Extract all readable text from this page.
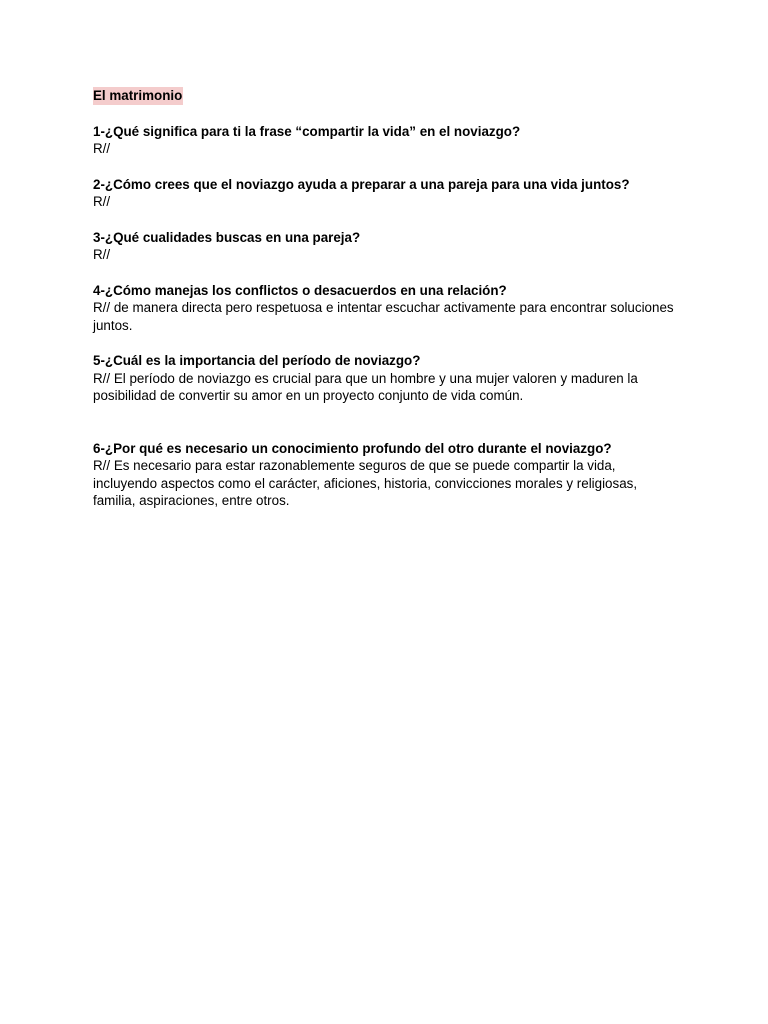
El matrimonio

1-¿Qué significa para ti la frase “compartir la vida” en el noviazgo?

R//

2-¿Cómo crees que el noviazgo ayuda a preparar a una pareja para una vida juntos?

R//

3-¿Qué cualidades buscas en una pareja?

R//

4-¿Cómo manejas los conflictos o desacuerdos en una relación?

R// de manera directa pero respetuosa e intentar escuchar activamente para encontrar soluciones juntos.

5-¿Cuál es la importancia del período de noviazgo?

R// El período de noviazgo es crucial para que un hombre y una mujer valoren y maduren la posibilidad de convertir su amor en un proyecto conjunto de vida común.

6-¿Por qué es necesario un conocimiento profundo del otro durante el noviazgo?

R// Es necesario para estar razonablemente seguros de que se puede compartir la vida, incluyendo aspectos como el carácter, aficiones, historia, convicciones morales y religiosas, familia, aspiraciones, entre otros.
